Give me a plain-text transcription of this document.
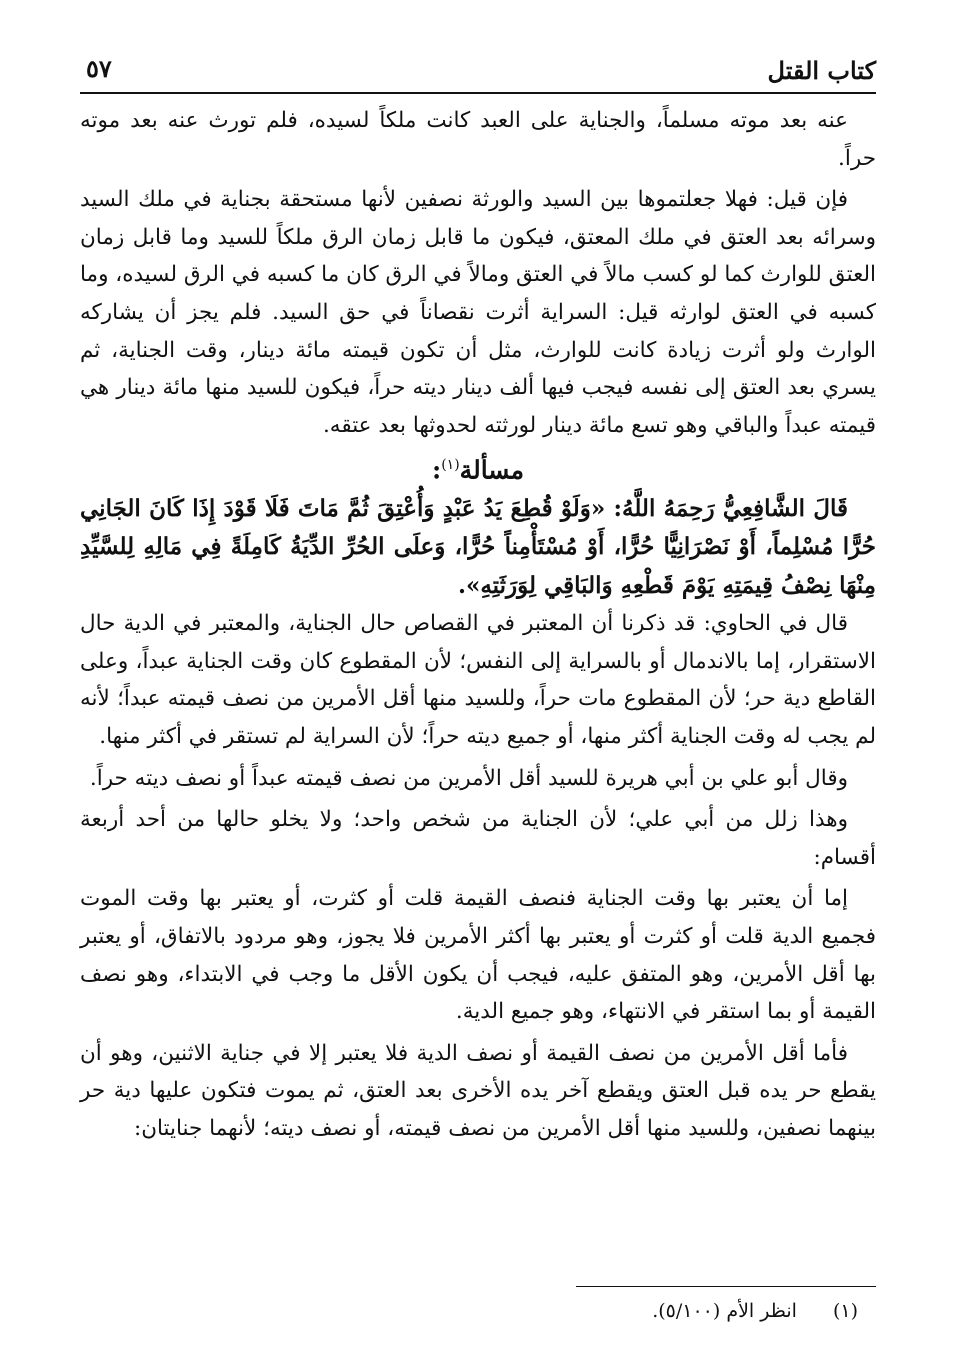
كتاب القتل
٥٧

عنه بعد موته مسلماً، والجناية على العبد كانت ملكاً لسيده، فلم تورث عنه بعد موته حراً.

فإن قيل: فهلا جعلتموها بين السيد والورثة نصفين لأنها مستحقة بجناية في ملك السيد وسرائه بعد العتق في ملك المعتق، فيكون ما قابل زمان الرق ملكاً للسيد وما قابل زمان العتق للوارث كما لو كسب مالاً في العتق ومالاً في الرق كان ما كسبه في الرق لسيده، وما كسبه في العتق لوارثه قيل: السراية أثرت نقصاناً في حق السيد. فلم يجز أن يشاركه الوارث ولو أثرت زيادة كانت للوارث، مثل أن تكون قيمته مائة دينار، وقت الجناية، ثم يسري بعد العتق إلى نفسه فيجب فيها ألف دينار ديته حراً، فيكون للسيد منها مائة دينار هي قيمته عبداً والباقي وهو تسع مائة دينار لورثته لحدوثها بعد عتقه.

مسألة$^{(١)}$:

قَالَ الشَّافِعِيُّ رَحِمَهُ اللَّهُ: «وَلَوْ قُطِعَ يَدُ عَبْدٍ وَأُعْتِقَ ثُمَّ مَاتَ فَلَا قَوْدَ إِذَا كَانَ الجَانِي حُرًّا مُسْلِماً، أَوْ نَصْرَانِيًّا حُرًّا، أَوْ مُسْتَأْمِناً حُرًّا، وَعلَى الحُرِّ الدِّيَةُ كَامِلَةً فِي مَالِهِ لِلسَّيِّدِ مِنْهَا نِصْفُ قِيمَتِهِ يَوْمَ قَطْعِهِ وَالبَاقِي لِوَرَثَتِهِ».

قال في الحاوي: قد ذكرنا أن المعتبر في القصاص حال الجناية، والمعتبر في الدية حال الاستقرار، إما بالاندمال أو بالسراية إلى النفس؛ لأن المقطوع كان وقت الجناية عبداً، وعلى القاطع دية حر؛ لأن المقطوع مات حراً، وللسيد منها أقل الأمرين من نصف قيمته عبداً؛ لأنه لم يجب له وقت الجناية أكثر منها، أو جميع ديته حراً؛ لأن السراية لم تستقر في أكثر منها.

وقال أبو علي بن أبي هريرة للسيد أقل الأمرين من نصف قيمته عبداً أو نصف ديته حراً.

وهذا زلل من أبي علي؛ لأن الجناية من شخص واحد؛ ولا يخلو حالها من أحد أربعة أقسام:

إما أن يعتبر بها وقت الجناية فنصف القيمة قلت أو كثرت، أو يعتبر بها وقت الموت فجميع الدية قلت أو كثرت أو يعتبر بها أكثر الأمرين فلا يجوز، وهو مردود بالاتفاق، أو يعتبر بها أقل الأمرين، وهو المتفق عليه، فيجب أن يكون الأقل ما وجب في الابتداء، وهو نصف القيمة أو بما استقر في الانتهاء، وهو جميع الدية.

فأما أقل الأمرين من نصف القيمة أو نصف الدية فلا يعتبر إلا في جناية الاثنين، وهو أن يقطع حر يده قبل العتق ويقطع آخر يده الأخرى بعد العتق، ثم يموت فتكون عليها دية حر بينهما نصفين، وللسيد منها أقل الأمرين من نصف قيمته، أو نصف ديته؛ لأنهما جنايتان:

(١) انظر الأم (٥/١٠٠).
